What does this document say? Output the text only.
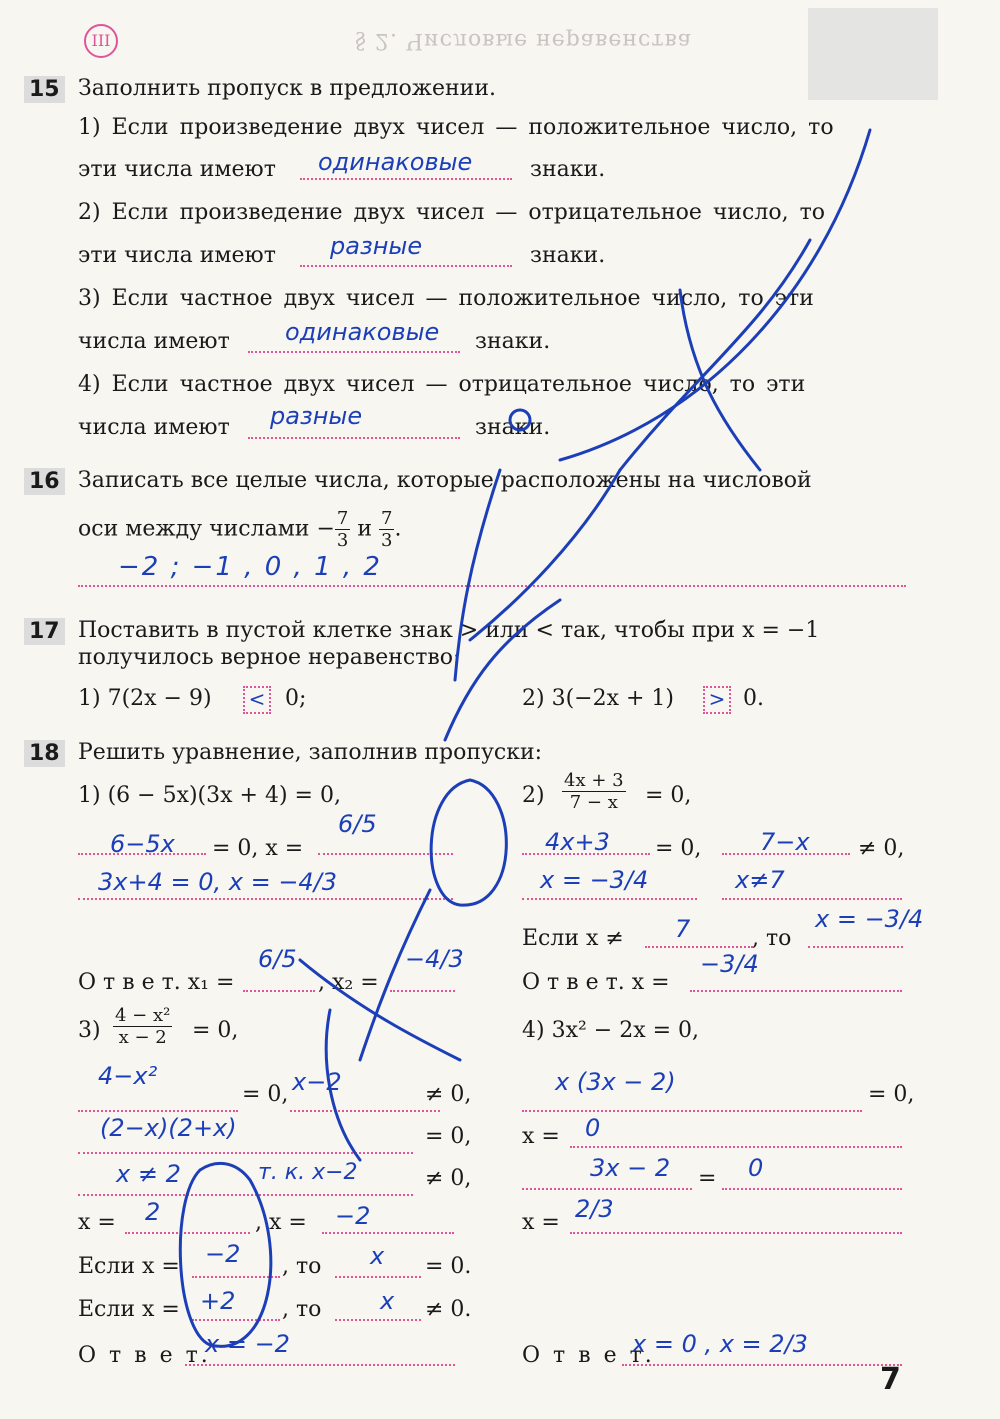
III	§ 2. Числовые неравенства
15 Заполнить пропуск в предложении.
1) Если произведение двух чисел — положительное число, то
эти числа имеют одинаковые	знаки.
2) Если произведение двух чисел — отрицательное число, то
эти числа имеют разные	знаки.
3) Если частное двух чисел — положительное число, то эти
числа имеют одинаковые знаки.
4) Если частное двух чисел — отрицательное число, то эти
числа имеют разные	знаки.
16 Записать все целые числа, которые расположены на числовой
оси между числами − $\frac{7}{3}$ и $\frac{7}{3}$ .
−2 ; −1 , 0 , 1 , 2
17 Поставить в пустой клетке знак > или < так, чтобы при x = −1
получилось верное неравенство:
1) 7(2x − 9) < 0;	2) 3(−2x + 1) > 0.
18 Решить уравнение, заполнив пропуски:
1) (6 − 5x)(3x + 4) = 0,
6−5x = 0, x =
6/5
3x+4 = 0, x = −4/3
О т в е т. x₁ =
6/5
, x₂ =
−4/3
$2) \frac{4x + 3}{7 - x} = 0$,
4x+3 = 0, 7−x ≠ 0,
x = −3/4	x≠7
Если x ≠ 7	, то
x = −3/4
О т в е т. x =
−3/4
$3) \frac{\text{4 − x²}}{x - 2} = 0$,
4−x²
= 0, x−2	≠ 0,
(2−x)(2+x)	= 0,
x ≠ 2	т. к. x−2	≠ 0,
x = 2	, x = −2
Если x = −2 , то x = 0.
Если x = +2 , то x ≠ 0.
О т в е т.
x = −2
4) 3x² − 2x = 0,
x (3x − 2)	= 0,
x = 0
3x − 2 = 0
x = 2/3
О т в е т.
x = 0 , x = 2/3
7
